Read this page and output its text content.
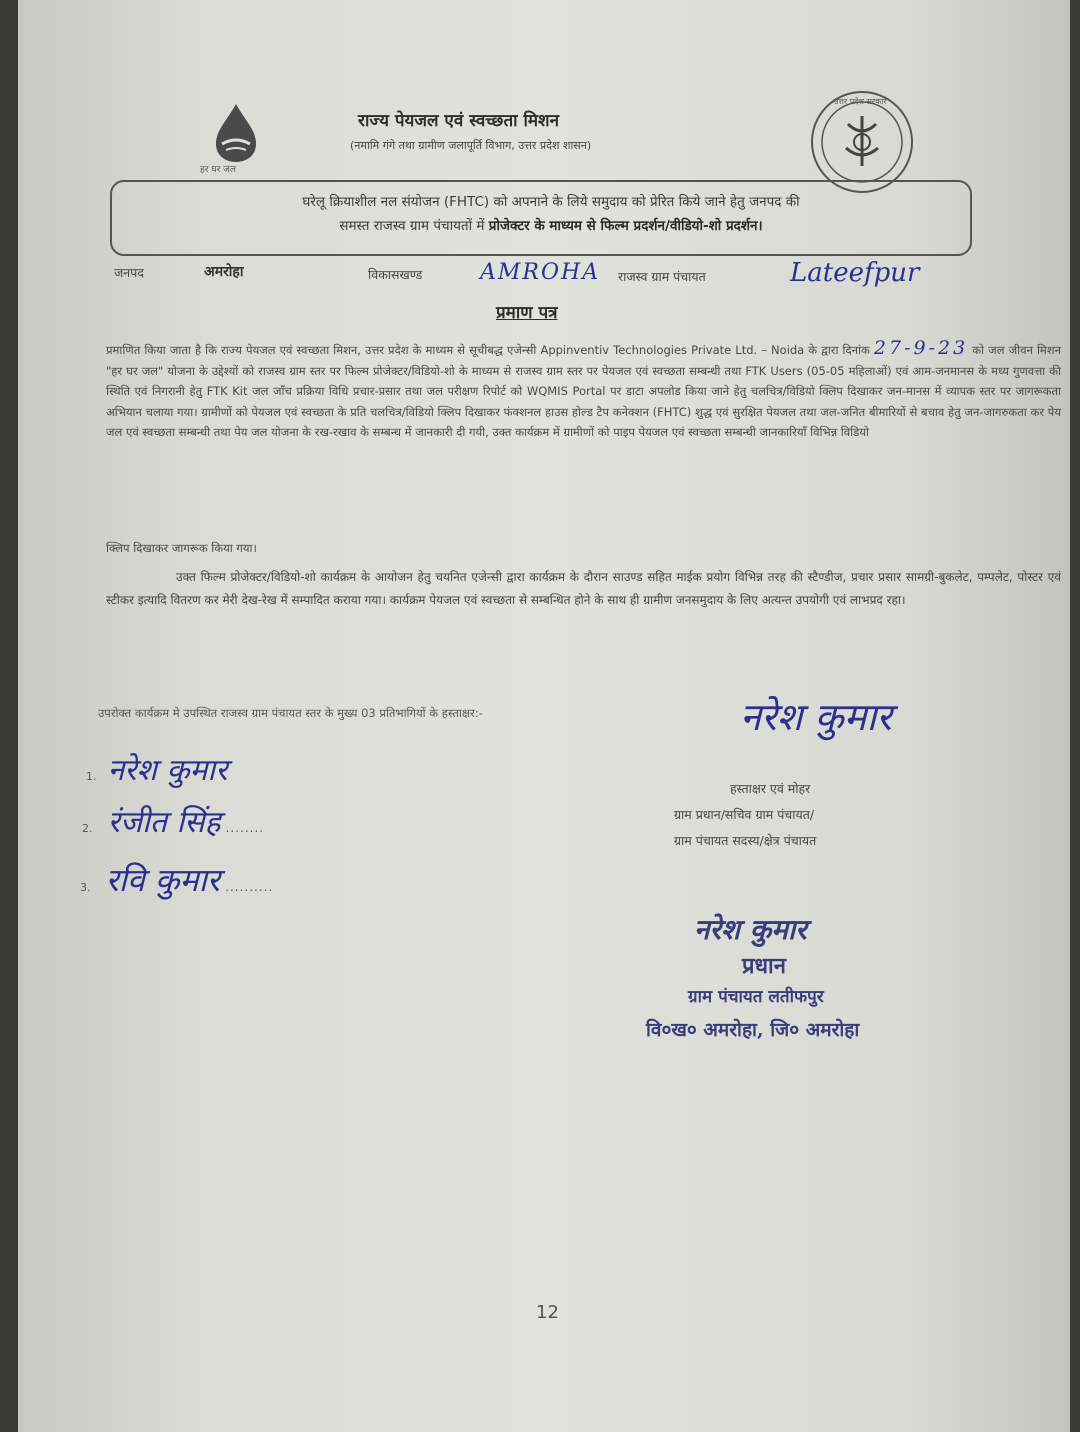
हर घर जल
उत्तर प्रदेश सरकार
राज्य पेयजल एवं स्वच्छता मिशन
(नमामि गंगे तथा ग्रामीण जलापूर्ति विभाग, उत्तर प्रदेश शासन)
घरेलू क्रियाशील नल संयोजन (FHTC) को अपनाने के लिये समुदाय को प्रेरित किये जाने हेतु जनपद की
समस्त राजस्व ग्राम पंचायतों में प्रोजेक्टर के माध्यम से फिल्म प्रदर्शन/वीडियो-शो प्रदर्शन।
जनपद	अमरोहा	विकासखण्ड	AMROHA राजस्व ग्राम पंचायत	Lateefpur
प्रमाण पत्र
प्रमाणित किया जाता है कि राज्य पेयजल एवं स्वच्छता मिशन, उत्तर प्रदेश के माध्यम से सूचीबद्ध एजेन्सी Appinventiv Technologies Private Ltd. – Noida के द्वारा दिनांक 27-9-23 को जल जीवन मिशन "हर घर जल" योजना के उद्देश्यों को राजस्व ग्राम स्तर पर फिल्म प्रोजेक्टर/विडियो-शो के माध्यम से राजस्व ग्राम स्तर पर पेयजल एवं स्वच्छता सम्बन्धी तथा FTK Users (05-05 महिलाओं) एवं आम-जनमानस के मध्य गुणवत्ता की स्थिति एवं निगरानी हेतु FTK Kit जल जाँच प्रक्रिया विधि प्रचार-प्रसार तथा जल परीक्षण रिपोर्ट को WQMIS Portal पर डाटा अपलोड किया जाने हेतु चलचित्र/विडियो क्लिप दिखाकर जन-मानस में व्यापक स्तर पर जागरूकता अभियान चलाया गया। ग्रामीणों को पेयजल एवं स्वच्छता के प्रति चलचित्र/विडियो क्लिप दिखाकर फंक्शनल हाउस होल्ड टैप कनेक्शन (FHTC) शुद्ध एवं सुरक्षित पेयजल तथा जल-जनित बीमारियों से बचाव हेतु जन-जागरुकता कर पेय जल एवं स्वच्छता सम्बन्धी तथा पेय जल योजना के रख-रखाव के सम्बन्ध में जानकारी दी गयी, उक्त कार्यक्रम में ग्रामीणों को पाइप पेयजल एवं स्वच्छता सम्बन्धी जानकारियाँ विभिन्न विडियो
क्लिप दिखाकर जागरूक किया गया।
उक्त फिल्म प्रोजेक्टर/विडियो-शो कार्यक्रम के आयोजन हेतु चयनित एजेन्सी द्वारा कार्यक्रम के दौरान साउण्ड सहित माईक प्रयोग विभिन्न तरह की स्टैण्डीज, प्रचार प्रसार सामग्री-बुकलेट, पम्पलेट, पोस्टर एवं स्टीकर इत्यादि वितरण कर मेरी देख-रेख में सम्पादित कराया गया। कार्यक्रम पेयजल एवं स्वच्छता से सम्बन्धित होने के साथ ही ग्रामीण जनसमुदाय के लिए अत्यन्त उपयोगी एवं लाभप्रद रहा।
उपरोक्त कार्यक्रम मे उपस्थित राजस्व ग्राम पंचायत स्तर के मुख्य 03 प्रतिभागियों के हस्ताक्षर:-
1. नरेश कुमार
2. रंजीत सिंह ........
3. रवि कुमार ..........
नरेश कुमार
हस्ताक्षर एवं मोहर
ग्राम प्रधान/सचिव ग्राम पंचायत/
ग्राम पंचायत सदस्य/क्षेत्र पंचायत
नरेश कुमार
प्रधान
ग्राम पंचायत लतीफपुर
वि०ख० अमरोहा, जि० अमरोहा
12
